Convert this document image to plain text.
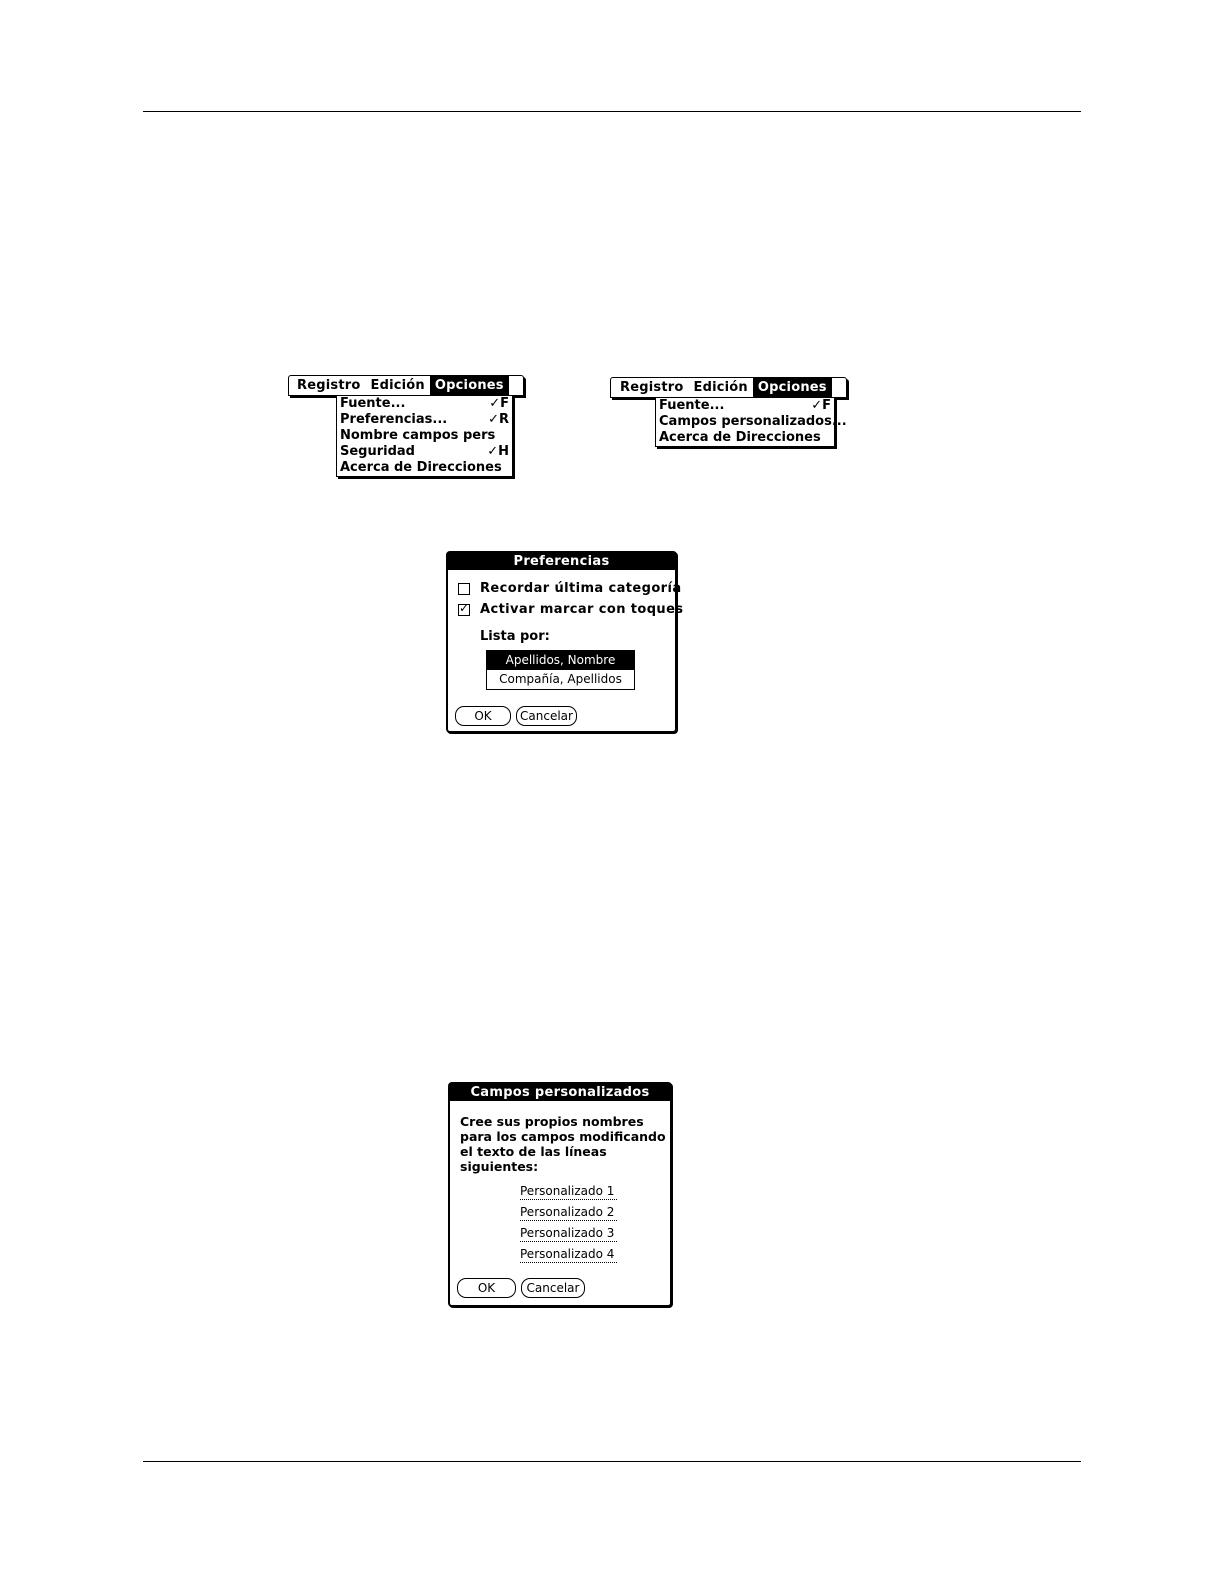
Registro Edición Opciones
Fuente...	✓F
Preferencias...	✓R
Nombre campos pers
Seguridad	✓H
Acerca de Direcciones
Registro Edición Opciones
Fuente...	✓F
Campos personalizados...
Acerca de Direcciones
Preferencias
Recordar última categoría
✓
Activar marcar con toques
Lista por:
Apellidos, Nombre
Compañía, Apellidos
OK	Cancelar
Campos personalizados
Cree sus propios nombres para los campos modificando el texto de las líneas siguientes:
Personalizado 1
Personalizado 2
Personalizado 3
Personalizado 4
OK	Cancelar
